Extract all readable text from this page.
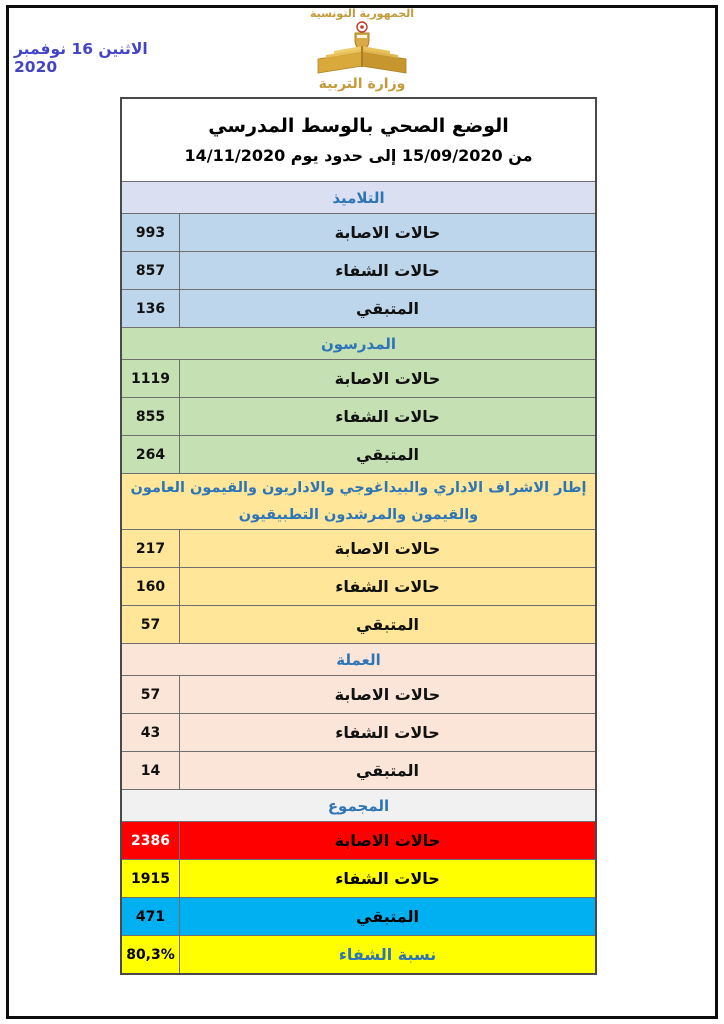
الاثنين 16 نوفمبر 2020
الجمهورية التونسية
وزارة التربية
الوضع الصحي بالوسط المدرسي
من 15/09/2020 إلى حدود يوم 14/11/2020	

التلاميذ	
حالات الاصابة	993
حالات الشفاء	857
المتبقي	136
المدرسون	
حالات الاصابة	1119
حالات الشفاء	855
المتبقي	264
إطار الاشراف الاداري والبيداغوجي والاداريون والقيمون العامون والقيمون والمرشدون التطبيقيون	
حالات الاصابة	217
حالات الشفاء	160
المتبقي	57
العملة	
حالات الاصابة	57
حالات الشفاء	43
المتبقي	14
المجموع	
حالات الاصابة	2386
حالات الشفاء	1915
المتبقي	471
نسبة الشفاء	80,3%
